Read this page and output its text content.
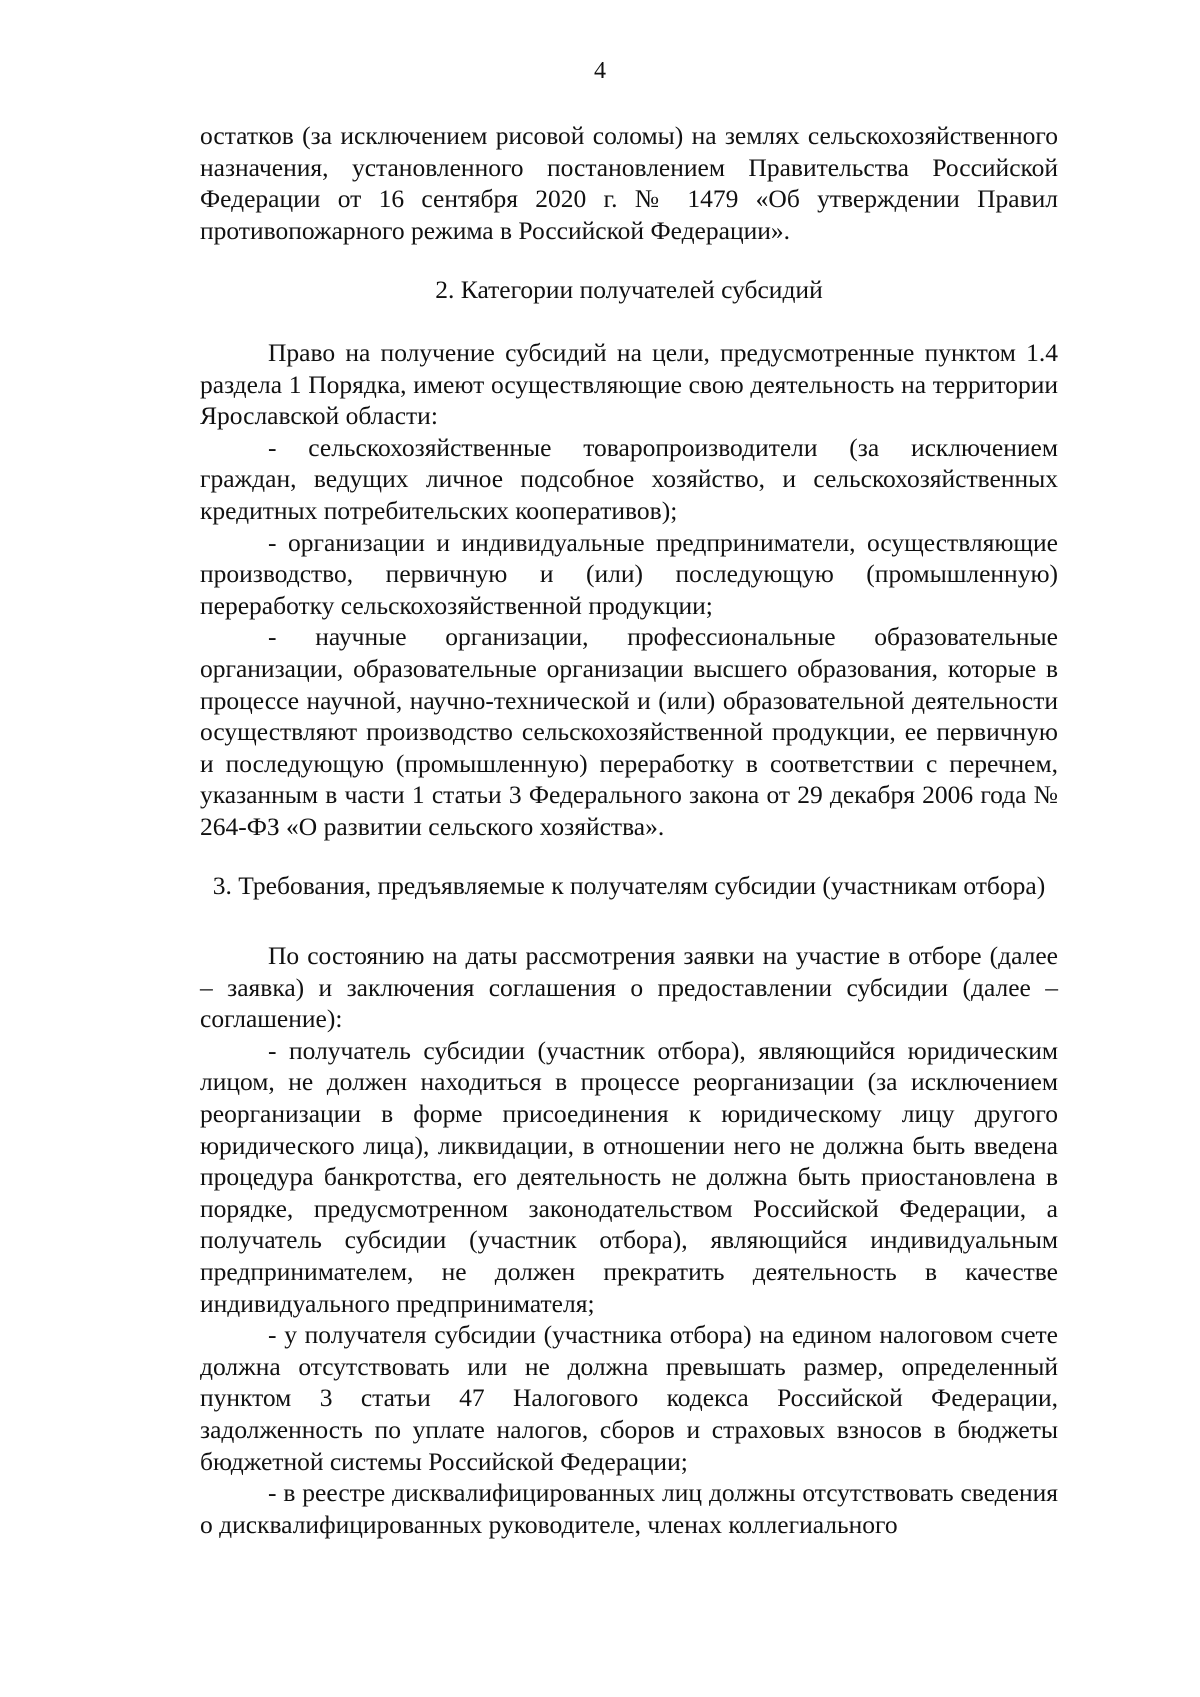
4

остатков (за исключением рисовой соломы) на землях сельскохозяйственного назначения, установленного постановлением Правительства Российской Федерации от 16 сентября 2020 г. № 1479 «Об утверждении Правил противопожарного режима в Российской Федерации».

2. Категории получателей субсидий

Право на получение субсидий на цели, предусмотренные пунктом 1.4 раздела 1 Порядка, имеют осуществляющие свою деятельность на территории Ярославской области:

- сельскохозяйственные товаропроизводители (за исключением граждан, ведущих личное подсобное хозяйство, и сельскохозяйственных кредитных потребительских кооперативов);

- организации и индивидуальные предприниматели, осуществляющие производство, первичную и (или) последующую (промышленную) переработку сельскохозяйственной продукции;

- научные организации, профессиональные образовательные организации, образовательные организации высшего образования, которые в процессе научной, научно-технической и (или) образовательной деятельности осуществляют производство сельскохозяйственной продукции, ее первичную и последующую (промышленную) переработку в соответствии с перечнем, указанным в части 1 статьи 3 Федерального закона от 29 декабря 2006 года № 264-ФЗ «О развитии сельского хозяйства».

3. Требования, предъявляемые к получателям субсидии (участникам отбора)

По состоянию на даты рассмотрения заявки на участие в отборе (далее – заявка) и заключения соглашения о предоставлении субсидии (далее – соглашение):

- получатель субсидии (участник отбора), являющийся юридическим лицом, не должен находиться в процессе реорганизации (за исключением реорганизации в форме присоединения к юридическому лицу другого юридического лица), ликвидации, в отношении него не должна быть введена процедура банкротства, его деятельность не должна быть приостановлена в порядке, предусмотренном законодательством Российской Федерации, а получатель субсидии (участник отбора), являющийся индивидуальным предпринимателем, не должен прекратить деятельность в качестве индивидуального предпринимателя;

- у получателя субсидии (участника отбора) на едином налоговом счете должна отсутствовать или не должна превышать размер, определенный пунктом 3 статьи 47 Налогового кодекса Российской Федерации, задолженность по уплате налогов, сборов и страховых взносов в бюджеты бюджетной системы Российской Федерации;

- в реестре дисквалифицированных лиц должны отсутствовать сведения о дисквалифицированных руководителе, членах коллегиального
